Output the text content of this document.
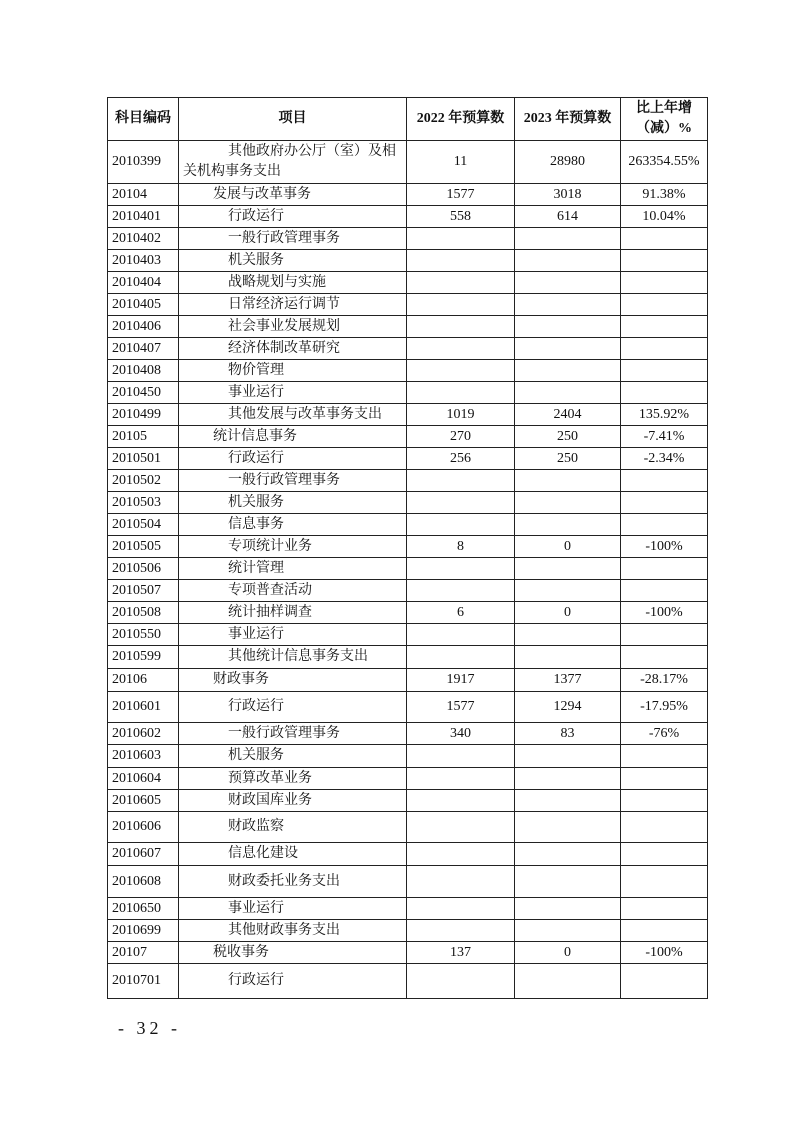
科目编码	项目	2022 年预算数	2023 年预算数	比上年增（减）%
2010399	其他政府办公厅（室）及相关机构事务支出	11	28980	263354.55%
20104	发展与改革事务	1577	3018	91.38%
2010401	行政运行	558	614	10.04%
2010402	一般行政管理事务			
2010403	机关服务			
2010404	战略规划与实施			
2010405	日常经济运行调节			
2010406	社会事业发展规划			
2010407	经济体制改革研究			
2010408	物价管理			
2010450	事业运行			
2010499	其他发展与改革事务支出	1019	2404	135.92%
20105	统计信息事务	270	250	-7.41%
2010501	行政运行	256	250	-2.34%
2010502	一般行政管理事务			
2010503	机关服务			
2010504	信息事务			
2010505	专项统计业务	8	0	-100%
2010506	统计管理			
2010507	专项普查活动			
2010508	统计抽样调查	6	0	-100%
2010550	事业运行			
2010599	其他统计信息事务支出			
20106	财政事务	1917	1377	-28.17%
2010601	行政运行	1577	1294	-17.95%
2010602	一般行政管理事务	340	83	-76%
2010603	机关服务			
2010604	预算改革业务			
2010605	财政国库业务			
2010606	财政监察			
2010607	信息化建设			
2010608	财政委托业务支出			
2010650	事业运行			
2010699	其他财政事务支出			
20107	税收事务	137	0	-100%
2010701	行政运行			
- 32 -
